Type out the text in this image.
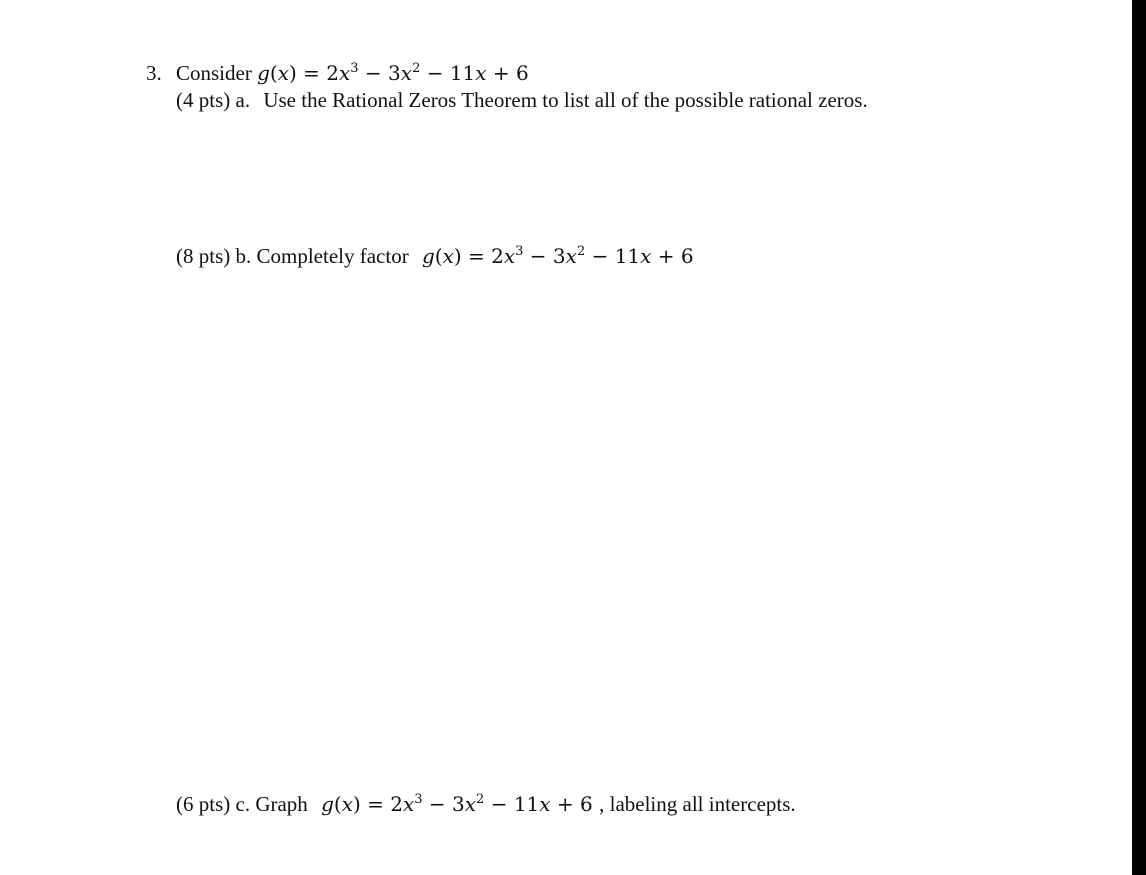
3. Consider $g(x) = 2x^3 - 3x^2 - 11x + 6$
(4 pts) a. Use the Rational Zeros Theorem to list all of the possible rational zeros.
(8 pts) b. Completely factor $g(x) = 2x^3 - 3x^2 - 11x + 6$
(6 pts) c. Graph $g(x) = 2x^3 - 3x^2 - 11x + 6$ , labeling all intercepts.
